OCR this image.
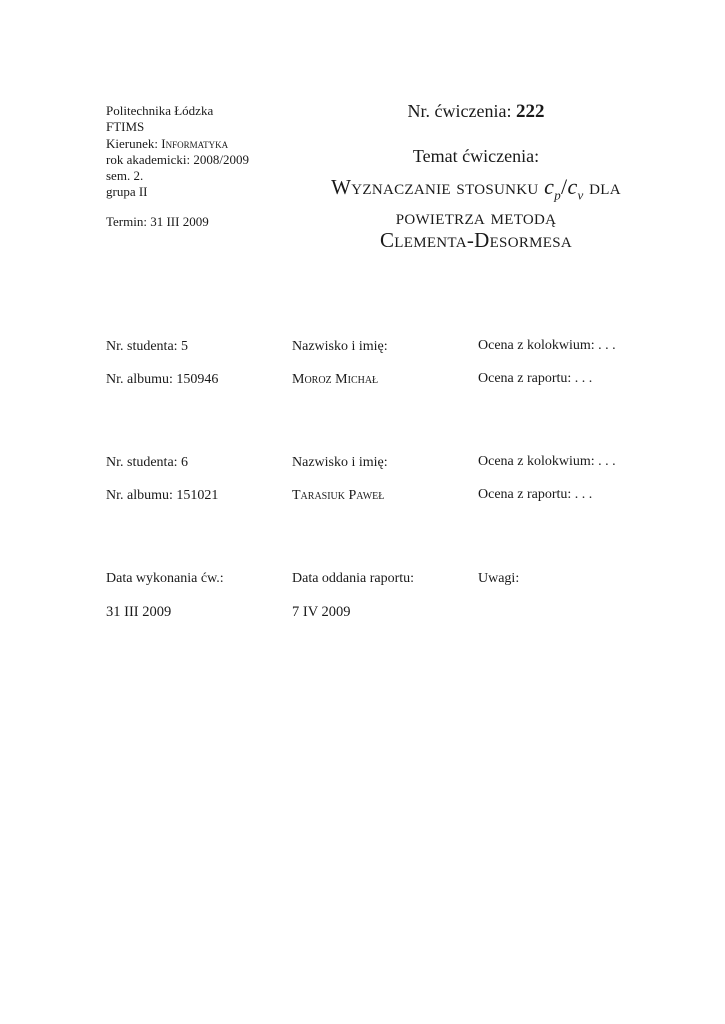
Politechnika Łódzka
FTIMS
Kierunek: Informatyka
rok akademicki: 2008/2009
sem. 2.
grupa II
Termin: 31 III 2009
Nr. ćwiczenia: 222
Temat ćwiczenia:
Wyznaczanie stosunku $c_p/c_v$ dla
powietrza metodą
Clementa-Desormesa
Nr. studenta: 5	Nazwisko i imię:	Ocena z kolokwium: . . .
Nr. albumu: 150946	Moroz Michał	Ocena z raportu: . . .
Nr. studenta: 6	Nazwisko i imię:	Ocena z kolokwium: . . .
Nr. albumu: 151021	Tarasiuk Paweł	Ocena z raportu: . . .
Data wykonania ćw.:	Data oddania raportu:	Uwagi:
31 III 2009	7 IV 2009
